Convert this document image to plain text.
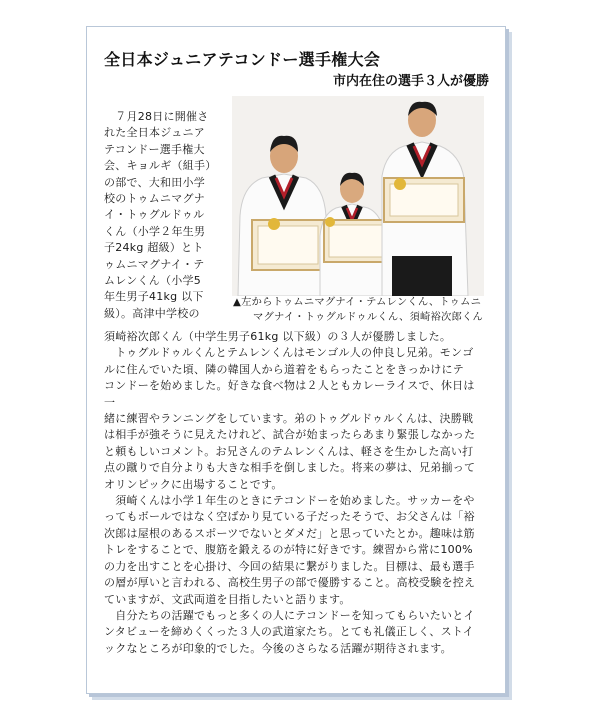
全日本ジュニアテコンドー選手権大会
市内在住の選手３人が優勝

　７月28日に開催さ

れた全日本ジュニア

テコンドー選手権大

会、キョルギ（組手）

の部で、大和田小学

校のトゥムニマグナ

イ・トゥグルドゥル

くん（小学２年生男

子24kg 超級）とト

ゥムニマグナイ・テ

ムレンくん（小学5

年生男子41kg 以下

級）。高津中学校の

▲左からトゥムニマグナイ・テムレンくん、トゥムニ

マグナイ・トゥグルドゥルくん、須崎裕次郎くん

須崎裕次郎くん（中学生男子61kg 以下級）の３人が優勝しました。

　トゥグルドゥルくんとテムレンくんはモンゴル人の仲良し兄弟。モンゴ

ルに住んでいた頃、隣の韓国人から道着をもらったことをきっかけにテ

コンドーを始めました。好きな食べ物は２人ともカレーライスで、休日は一

緒に練習やランニングをしています。弟のトゥグルドゥルくんは、決勝戦

は相手が強そうに見えたけれど、試合が始まったらあまり緊張しなかった

と頼もしいコメント。お兄さんのテムレンくんは、軽さを生かした高い打

点の蹴りで自分よりも大きな相手を倒しました。将来の夢は、兄弟揃って

オリンピックに出場することです。

　須崎くんは小学１年生のときにテコンドーを始めました。サッカーをや

ってもボールではなく空ばかり見ている子だったそうで、お父さんは「裕

次郎は屋根のあるスポーツでないとダメだ」と思っていたとか。趣味は筋

トレをすることで、腹筋を鍛えるのが特に好きです。練習から常に100%

の力を出すことを心掛け、今回の結果に繋がりました。目標は、最も選手

の層が厚いと言われる、高校生男子の部で優勝すること。高校受験を控え

ていますが、文武両道を目指したいと語ります。

　自分たちの活躍でもっと多くの人にテコンドーを知ってもらいたいとイ

ンタビューを締めくくった３人の武道家たち。とても礼儀正しく、ストイ

ックなところが印象的でした。今後のさらなる活躍が期待されます。
